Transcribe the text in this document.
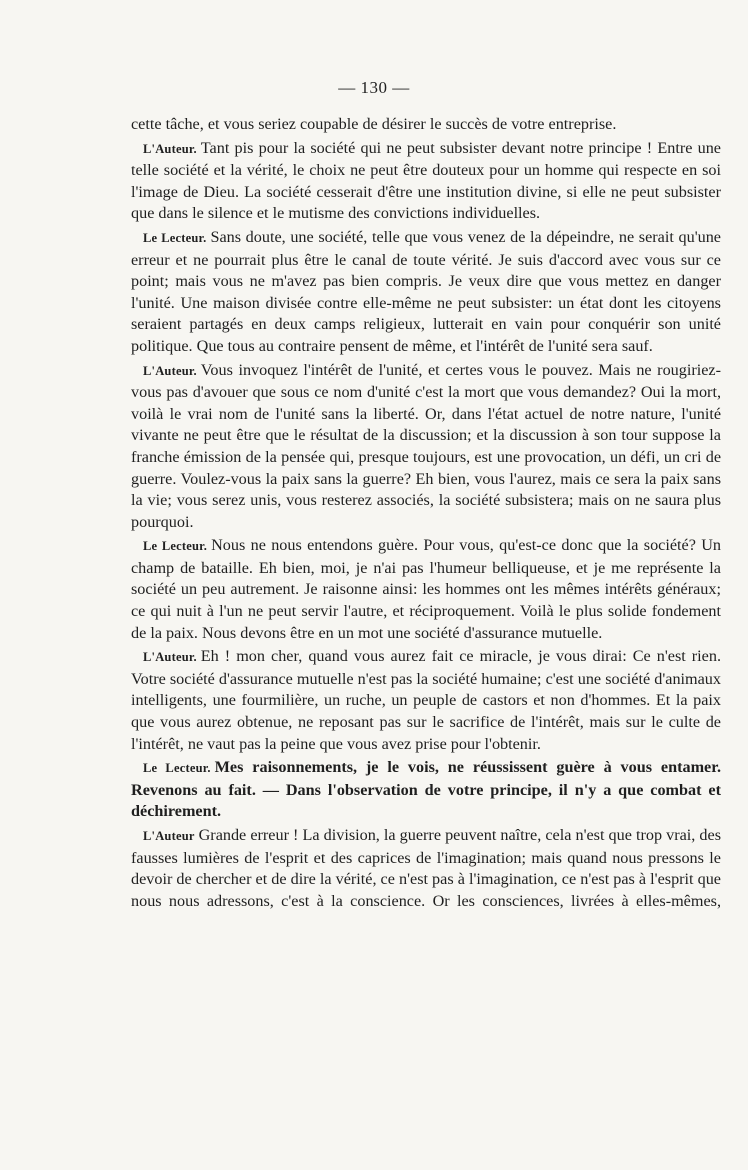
— 130 —

cette tâche, et vous seriez coupable de désirer le succès de votre entreprise.

L'Auteur. Tant pis pour la société qui ne peut subsister devant notre principe ! Entre une telle société et la vérité, le choix ne peut être douteux pour un homme qui respecte en soi l'image de Dieu. La société cesserait d'être une institution divine, si elle ne peut subsister que dans le silence et le mutisme des convictions individuelles.

Le Lecteur. Sans doute, une société, telle que vous venez de la dépeindre, ne serait qu'une erreur et ne pourrait plus être le canal de toute vérité. Je suis d'accord avec vous sur ce point; mais vous ne m'avez pas bien compris. Je veux dire que vous mettez en danger l'unité. Une maison divisée contre elle-même ne peut subsister: un état dont les citoyens seraient partagés en deux camps religieux, lutterait en vain pour conquérir son unité politique. Que tous au contraire pensent de même, et l'intérêt de l'unité sera sauf.

L'Auteur. Vous invoquez l'intérêt de l'unité, et certes vous le pouvez. Mais ne rougiriez-vous pas d'avouer que sous ce nom d'unité c'est la mort que vous demandez? Oui la mort, voilà le vrai nom de l'unité sans la liberté. Or, dans l'état actuel de notre nature, l'unité vivante ne peut être que le résultat de la discussion; et la discussion à son tour suppose la franche émission de la pensée qui, presque toujours, est une provocation, un défi, un cri de guerre. Voulez-vous la paix sans la guerre? Eh bien, vous l'aurez, mais ce sera la paix sans la vie; vous serez unis, vous resterez associés, la société subsistera; mais on ne saura plus pourquoi.

Le Lecteur. Nous ne nous entendons guère. Pour vous, qu'est-ce donc que la société? Un champ de bataille. Eh bien, moi, je n'ai pas l'humeur belliqueuse, et je me représente la société un peu autrement. Je raisonne ainsi: les hommes ont les mêmes intérêts généraux; ce qui nuit à l'un ne peut servir l'autre, et réciproquement. Voilà le plus solide fondement de la paix. Nous devons être en un mot une société d'assurance mutuelle.

L'Auteur. Eh ! mon cher, quand vous aurez fait ce miracle, je vous dirai: Ce n'est rien. Votre société d'assurance mutuelle n'est pas la société humaine; c'est une société d'animaux intelligents, une fourmilière, un ruche, un peuple de castors et non d'hommes. Et la paix que vous aurez obtenue, ne reposant pas sur le sacrifice de l'intérêt, mais sur le culte de l'intérêt, ne vaut pas la peine que vous avez prise pour l'obtenir.

Le Lecteur. Mes raisonnements, je le vois, ne réussissent guère à vous entamer. Revenons au fait. — Dans l'observation de votre principe, il n'y a que combat et déchirement.

L'Auteur Grande erreur ! La division, la guerre peuvent naître, cela n'est que trop vrai, des fausses lumières de l'esprit et des caprices de l'imagination; mais quand nous pressons le devoir de chercher et de dire la vérité, ce n'est pas à l'imagination, ce n'est pas à l'esprit que nous nous adressons, c'est à la conscience. Or les consciences, livrées à elles-mêmes,
